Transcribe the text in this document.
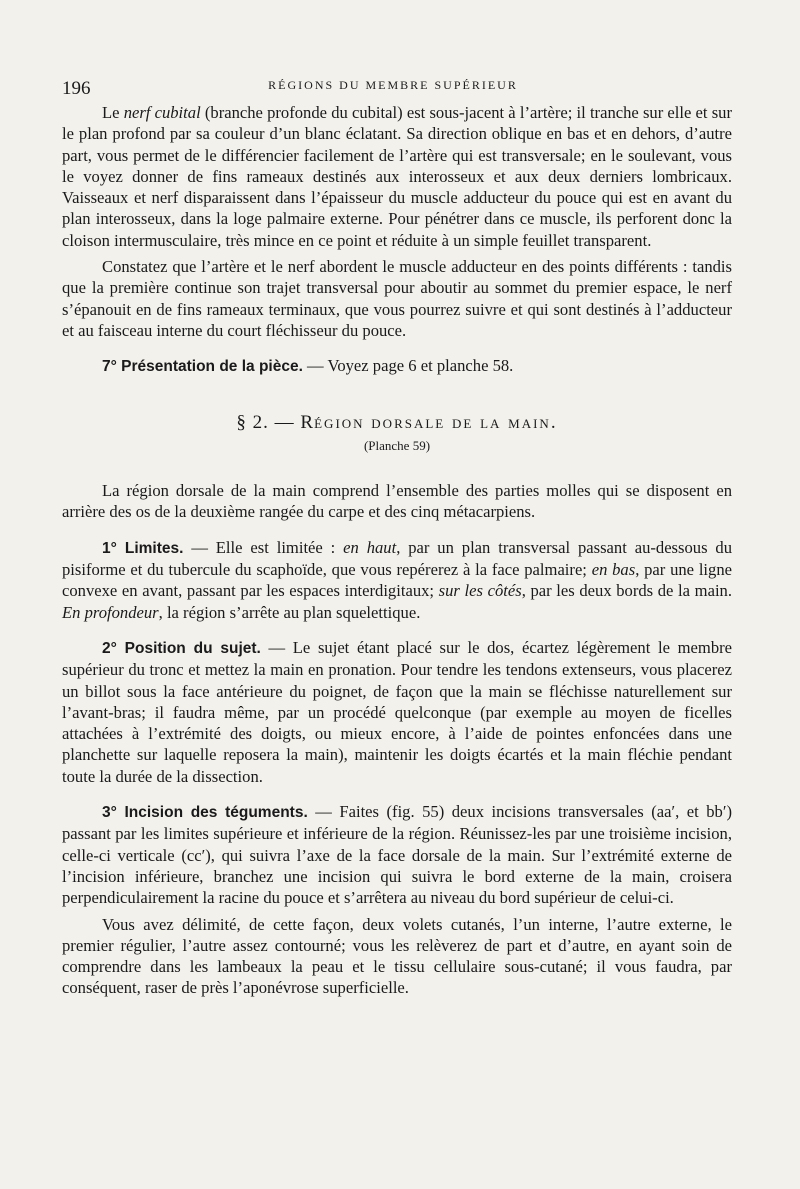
196	RÉGIONS DU MEMBRE SUPÉRIEUR

Le nerf cubital (branche profonde du cubital) est sous-jacent à l’artère; il tranche sur elle et sur le plan profond par sa couleur d’un blanc éclatant. Sa direction oblique en bas et en dehors, d’autre part, vous permet de le différencier facilement de l’artère qui est transversale; en le soulevant, vous le voyez donner de fins rameaux destinés aux interosseux et aux deux derniers lombricaux. Vaisseaux et nerf disparaissent dans l’épaisseur du muscle adducteur du pouce qui est en avant du plan interosseux, dans la loge palmaire externe. Pour pénétrer dans ce muscle, ils perforent donc la cloison intermusculaire, très mince en ce point et réduite à un simple feuillet transparent.

Constatez que l’artère et le nerf abordent le muscle adducteur en des points différents : tandis que la première continue son trajet transversal pour aboutir au sommet du premier espace, le nerf s’épanouit en de fins rameaux terminaux, que vous pourrez suivre et qui sont destinés à l’adducteur et au faisceau interne du court fléchisseur du pouce.

7° Présentation de la pièce. — Voyez page 6 et planche 58.

§ 2. — Région dorsale de la main.
(Planche 59)

La région dorsale de la main comprend l’ensemble des parties molles qui se disposent en arrière des os de la deuxième rangée du carpe et des cinq métacarpiens.

1° Limites. — Elle est limitée : en haut, par un plan transversal passant au-dessous du pisiforme et du tubercule du scaphoïde, que vous repérerez à la face palmaire; en bas, par une ligne convexe en avant, passant par les espaces interdigitaux; sur les côtés, par les deux bords de la main. En profondeur, la région s’arrête au plan squelettique.

2° Position du sujet. — Le sujet étant placé sur le dos, écartez légèrement le membre supérieur du tronc et mettez la main en pronation. Pour tendre les tendons extenseurs, vous placerez un billot sous la face antérieure du poignet, de façon que la main se fléchisse naturellement sur l’avant-bras; il faudra même, par un procédé quelconque (par exemple au moyen de ficelles attachées à l’extrémité des doigts, ou mieux encore, à l’aide de pointes enfoncées dans une planchette sur laquelle reposera la main), maintenir les doigts écartés et la main fléchie pendant toute la durée de la dissection.

3° Incision des téguments. — Faites (fig. 55) deux incisions transversales (aa′, et bb′) passant par les limites supérieure et inférieure de la région. Réunissez-les par une troisième incision, celle-ci verticale (cc′), qui suivra l’axe de la face dorsale de la main. Sur l’extrémité externe de l’incision inférieure, branchez une incision qui suivra le bord externe de la main, croisera perpendiculairement la racine du pouce et s’arrêtera au niveau du bord supérieur de celui-ci.

Vous avez délimité, de cette façon, deux volets cutanés, l’un interne, l’autre externe, le premier régulier, l’autre assez contourné; vous les relèverez de part et d’autre, en ayant soin de comprendre dans les lambeaux la peau et le tissu cellulaire sous-cutané; il vous faudra, par conséquent, raser de près l’aponévrose superficielle.
